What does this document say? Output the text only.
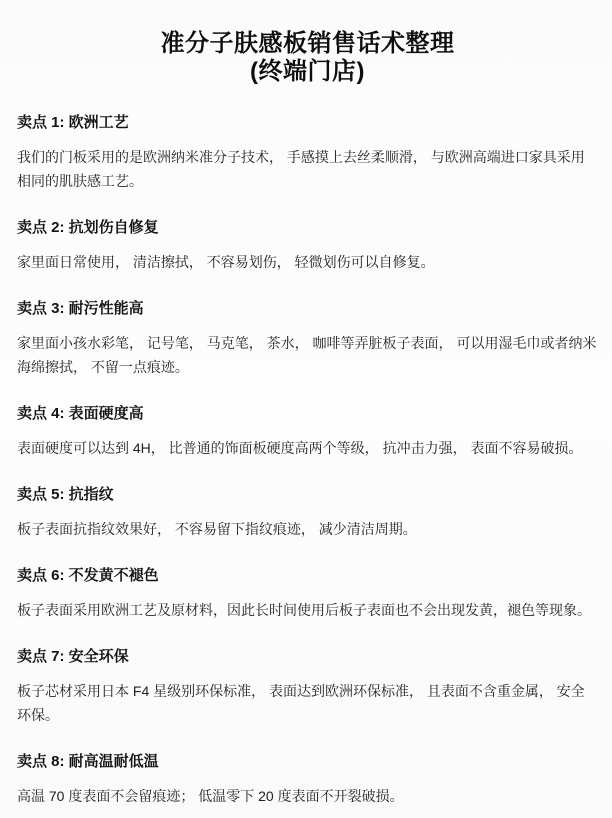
准分子肤感板销售话术整理
(终端门店)
卖点 1: 欧洲工艺
我们的门板采用的是欧洲纳米准分子技术， 手感摸上去丝柔顺滑， 与欧洲高端进口家具采用
相同的肌肤感工艺。
卖点 2: 抗划伤自修复
家里面日常使用， 清洁擦拭， 不容易划伤， 轻微划伤可以自修复。
卖点 3: 耐污性能高
家里面小孩水彩笔， 记号笔， 马克笔， 茶水， 咖啡等弄脏板子表面， 可以用湿毛巾或者纳米
海绵擦拭， 不留一点痕迹。
卖点 4: 表面硬度高
表面硬度可以达到 4H， 比普通的饰面板硬度高两个等级， 抗冲击力强， 表面不容易破损。
卖点 5: 抗指纹
板子表面抗指纹效果好， 不容易留下指纹痕迹， 减少清洁周期。
卖点 6: 不发黄不褪色
板子表面采用欧洲工艺及原材料，因此长时间使用后板子表面也不会出现发黄，褪色等现象。
卖点 7: 安全环保
板子芯材采用日本 F4 星级别环保标准， 表面达到欧洲环保标准， 且表面不含重金属， 安全
环保。
卖点 8: 耐高温耐低温
高温 70 度表面不会留痕迹； 低温零下 20 度表面不开裂破损。
